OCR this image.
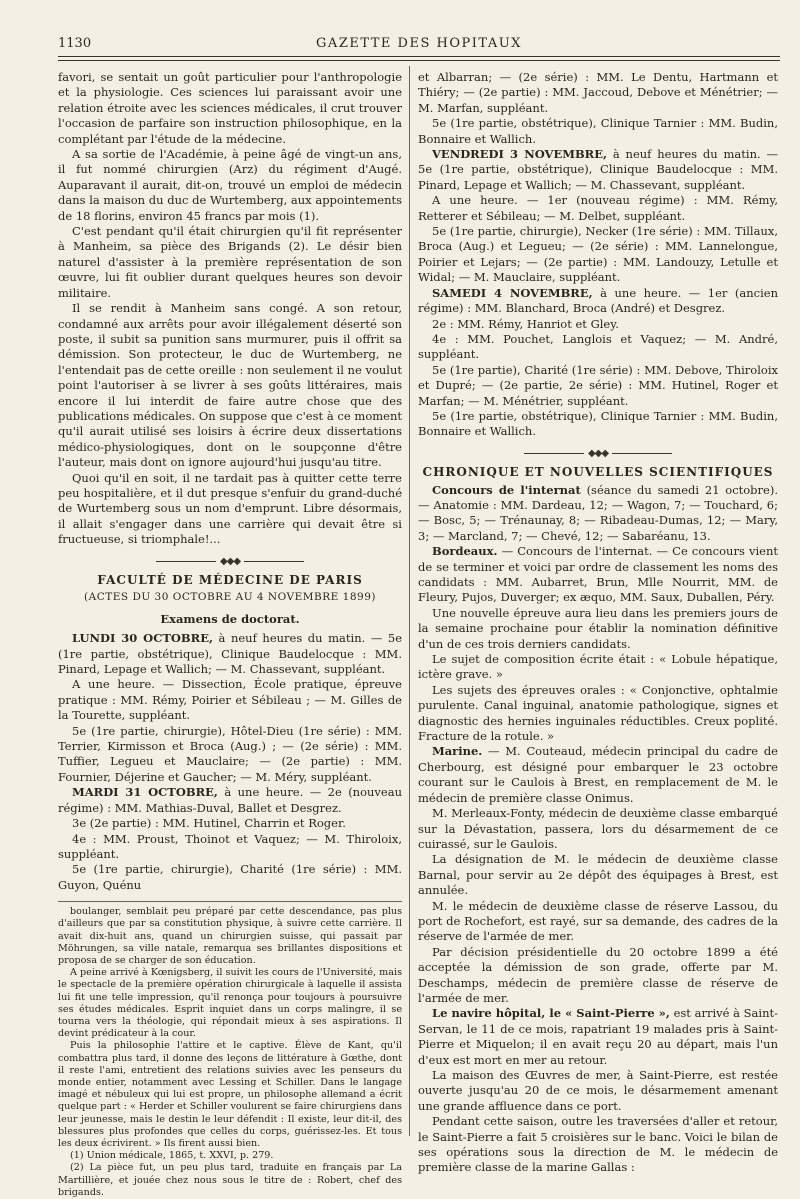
1130	GAZETTE DES HOPITAUX

favori, se sentait un goût particulier pour l'anthropologie et la physiologie. Ces sciences lui paraissant avoir une relation étroite avec les sciences médicales, il crut trouver l'occasion de parfaire son instruction philosophique, en la complétant par l'étude de la médecine.

A sa sortie de l'Académie, à peine âgé de vingt-un ans, il fut nommé chirurgien (Arz) du régiment d'Augé. Auparavant il aurait, dit-on, trouvé un emploi de médecin dans la maison du duc de Wurtemberg, aux appointements de 18 florins, environ 45 francs par mois (1).

C'est pendant qu'il était chirurgien qu'il fit représenter à Manheim, sa pièce des Brigands (2). Le désir bien naturel d'assister à la première représentation de son œuvre, lui fit oublier durant quelques heures son devoir militaire.

Il se rendit à Manheim sans congé. A son retour, condamné aux arrêts pour avoir illégalement déserté son poste, il subit sa punition sans murmurer, puis il offrit sa démission. Son protecteur, le duc de Wurtemberg, ne l'entendait pas de cette oreille : non seulement il ne voulut point l'autoriser à se livrer à ses goûts littéraires, mais encore il lui interdit de faire autre chose que des publications médicales. On suppose que c'est à ce moment qu'il aurait utilisé ses loisirs à écrire deux dissertations médico-physiologiques, dont on le soupçonne d'être l'auteur, mais dont on ignore aujourd'hui jusqu'au titre.

Quoi qu'il en soit, il ne tardait pas à quitter cette terre peu hospitalière, et il dut presque s'enfuir du grand-duché de Wurtemberg sous un nom d'emprunt. Libre désormais, il allait s'engager dans une carrière qui devait être si fructueuse, si triomphale!...

◆◆◆
FACULTÉ DE MÉDECINE DE PARIS
(ACTES DU 30 OCTOBRE AU 4 NOVEMBRE 1899)
Examens de doctorat.

LUNDI 30 OCTOBRE, à neuf heures du matin. — 5e (1re partie, obstétrique), Clinique Baudelocque : MM. Pinard, Lepage et Wallich; — M. Chassevant, suppléant.

A une heure. — Dissection, École pratique, épreuve pratique : MM. Rémy, Poirier et Sébileau ; — M. Gilles de la Tourette, suppléant.

5e (1re partie, chirurgie), Hôtel-Dieu (1re série) : MM. Terrier, Kirmisson et Broca (Aug.) ; — (2e série) : MM. Tuffier, Legueu et Mauclaire; — (2e partie) : MM. Fournier, Déjerine et Gaucher; — M. Méry, suppléant.

MARDI 31 OCTOBRE, à une heure. — 2e (nouveau régime) : MM. Mathias-Duval, Ballet et Desgrez.

3e (2e partie) : MM. Hutinel, Charrin et Roger.

4e : MM. Proust, Thoinot et Vaquez; — M. Thiroloix, suppléant.

5e (1re partie, chirurgie), Charité (1re série) : MM. Guyon, Quénu

boulanger, semblait peu préparé par cette descendance, pas plus d'ailleurs que par sa constitution physique, à suivre cette carrière. Il avait dix-huit ans, quand un chirurgien suisse, qui passait par Möhrungen, sa ville natale, remarqua ses brillantes dispositions et proposa de se charger de son éducation.

A peine arrivé à Kœnigsberg, il suivit les cours de l'Université, mais le spectacle de la première opération chirurgicale à laquelle il assista lui fit une telle impression, qu'il renonça pour toujours à poursuivre ses études médicales. Esprit inquiet dans un corps malingre, il se tourna vers la théologie, qui répondait mieux à ses aspirations. Il devint prédicateur à la cour.

Puis la philosophie l'attire et le captive. Élève de Kant, qu'il combattra plus tard, il donne des leçons de littérature à Gœthe, dont il reste l'ami, entretient des relations suivies avec les penseurs du monde entier, notamment avec Lessing et Schiller. Dans le langage imagé et nébuleux qui lui est propre, un philosophe allemand a écrit quelque part : « Herder et Schiller voulurent se faire chirurgiens dans leur jeunesse, mais le destin le leur défendit : Il existe, leur dit-il, des blessures plus profondes que celles du corps, guérissez-les. Et tous les deux écrivirent. » Ils firent aussi bien.

(1) Union médicale, 1865, t. XXVI, p. 279.

(2) La pièce fut, un peu plus tard, traduite en français par La Martillière, et jouée chez nous sous le titre de : Robert, chef des brigands.

et Albarran; — (2e série) : MM. Le Dentu, Hartmann et Thiéry; — (2e partie) : MM. Jaccoud, Debove et Ménétrier; — M. Marfan, suppléant.

5e (1re partie, obstétrique), Clinique Tarnier : MM. Budin, Bonnaire et Wallich.

VENDREDI 3 NOVEMBRE, à neuf heures du matin. — 5e (1re partie, obstétrique), Clinique Baudelocque : MM. Pinard, Lepage et Wallich; — M. Chassevant, suppléant.

A une heure. — 1er (nouveau régime) : MM. Rémy, Retterer et Sébileau; — M. Delbet, suppléant.

5e (1re partie, chirurgie), Necker (1re série) : MM. Tillaux, Broca (Aug.) et Legueu; — (2e série) : MM. Lannelongue, Poirier et Lejars; — (2e partie) : MM. Landouzy, Letulle et Widal; — M. Mauclaire, suppléant.

SAMEDI 4 NOVEMBRE, à une heure. — 1er (ancien régime) : MM. Blanchard, Broca (André) et Desgrez.

2e : MM. Rémy, Hanriot et Gley.

4e : MM. Pouchet, Langlois et Vaquez; — M. André, suppléant.

5e (1re partie), Charité (1re série) : MM. Debove, Thiroloix et Dupré; — (2e partie, 2e série) : MM. Hutinel, Roger et Marfan; — M. Ménétrier, suppléant.

5e (1re partie, obstétrique), Clinique Tarnier : MM. Budin, Bonnaire et Wallich.

◆◆◆
CHRONIQUE ET NOUVELLES SCIENTIFIQUES

Concours de l'internat (séance du samedi 21 octobre). — Anatomie : MM. Dardeau, 12; — Wagon, 7; — Touchard, 6; — Bosc, 5; — Trénaunay, 8; — Ribadeau-Dumas, 12; — Mary, 3; — Marcland, 7; — Chevé, 12; — Sabaréanu, 13.

Bordeaux. — Concours de l'internat. — Ce concours vient de se terminer et voici par ordre de classement les noms des candidats : MM. Aubarret, Brun, Mlle Nourrit, MM. de Fleury, Pujos, Duverger; ex æquo, MM. Saux, Duballen, Péry.

Une nouvelle épreuve aura lieu dans les premiers jours de la semaine prochaine pour établir la nomination définitive d'un de ces trois derniers candidats.

Le sujet de composition écrite était : « Lobule hépatique, ictère grave. »

Les sujets des épreuves orales : « Conjonctive, ophtalmie purulente. Canal inguinal, anatomie pathologique, signes et diagnostic des hernies inguinales réductibles. Creux poplité. Fracture de la rotule. »

Marine. — M. Couteaud, médecin principal du cadre de Cherbourg, est désigné pour embarquer le 23 octobre courant sur le Caulois à Brest, en remplacement de M. le médecin de première classe Onimus.

M. Merleaux-Fonty, médecin de deuxième classe embarqué sur la Dévastation, passera, lors du désarmement de ce cuirassé, sur le Gaulois.

La désignation de M. le médecin de deuxième classe Barnal, pour servir au 2e dépôt des équipages à Brest, est annulée.

M. le médecin de deuxième classe de réserve Lassou, du port de Rochefort, est rayé, sur sa demande, des cadres de la réserve de l'armée de mer.

Par décision présidentielle du 20 octobre 1899 a été acceptée la démission de son grade, offerte par M. Deschamps, médecin de première classe de réserve de l'armée de mer.

Le navire hôpital, le « Saint-Pierre », est arrivé à Saint-Servan, le 11 de ce mois, rapatriant 19 malades pris à Saint-Pierre et Miquelon; il en avait reçu 20 au départ, mais l'un d'eux est mort en mer au retour.

La maison des Œuvres de mer, à Saint-Pierre, est restée ouverte jusqu'au 20 de ce mois, le désarmement amenant une grande affluence dans ce port.

Pendant cette saison, outre les traversées d'aller et retour, le Saint-Pierre a fait 5 croisières sur le banc. Voici le bilan de ses opérations sous la direction de M. le médecin de première classe de la marine Gallas :
